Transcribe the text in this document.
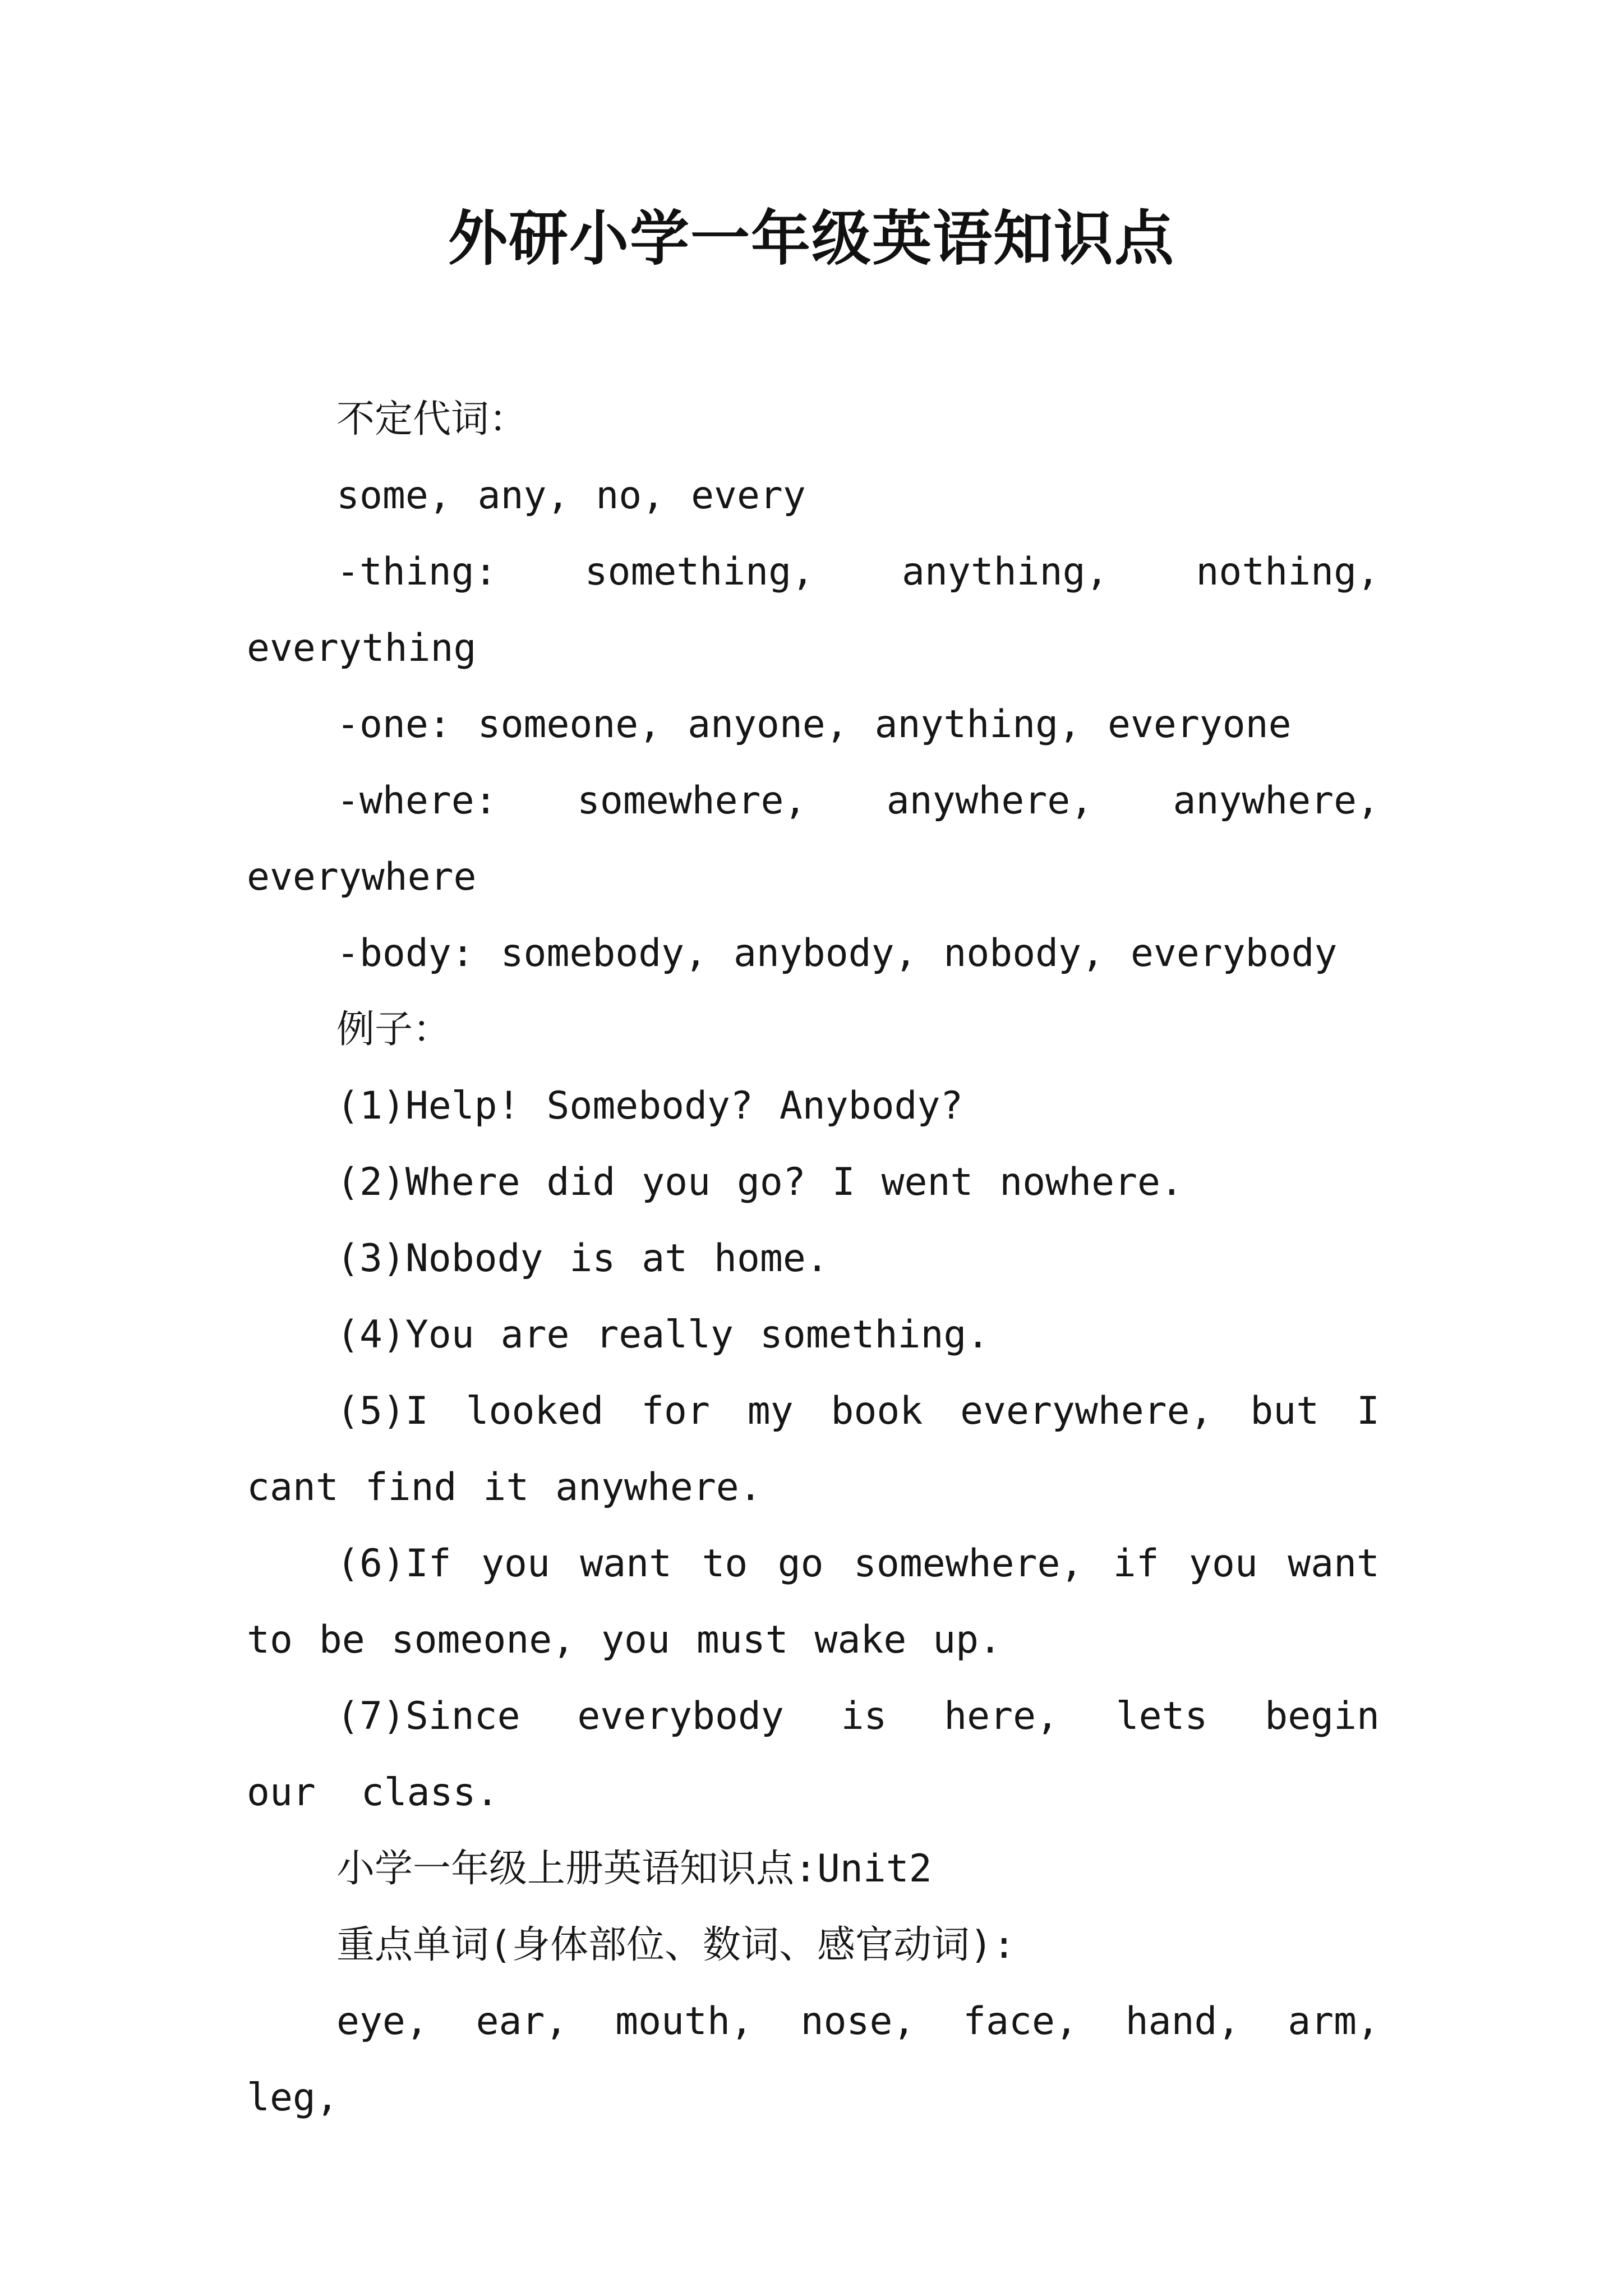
外研小学一年级英语知识点

不定代词：

some, any, no, every

-thing: something, anything, nothing, everything

-one: someone, anyone, anything, everyone

-where: somewhere, anywhere, anywhere, everywhere

-body: somebody, anybody, nobody, everybody

例子：

(1)Help! Somebody? Anybody?

(2)Where did you go? I went nowhere.

(3)Nobody is at home.

(4)You are really something.

(5)I looked for my book everywhere, but I cant find it anywhere.

(6)If you want to go somewhere, if you want to be someone, you must wake up.

(7)Since everybody is here, lets begin our class.

小学一年级上册英语知识点:Unit2

重点单词(身体部位、数词、感官动词):

eye, ear, mouth, nose, face, hand, arm, leg,
